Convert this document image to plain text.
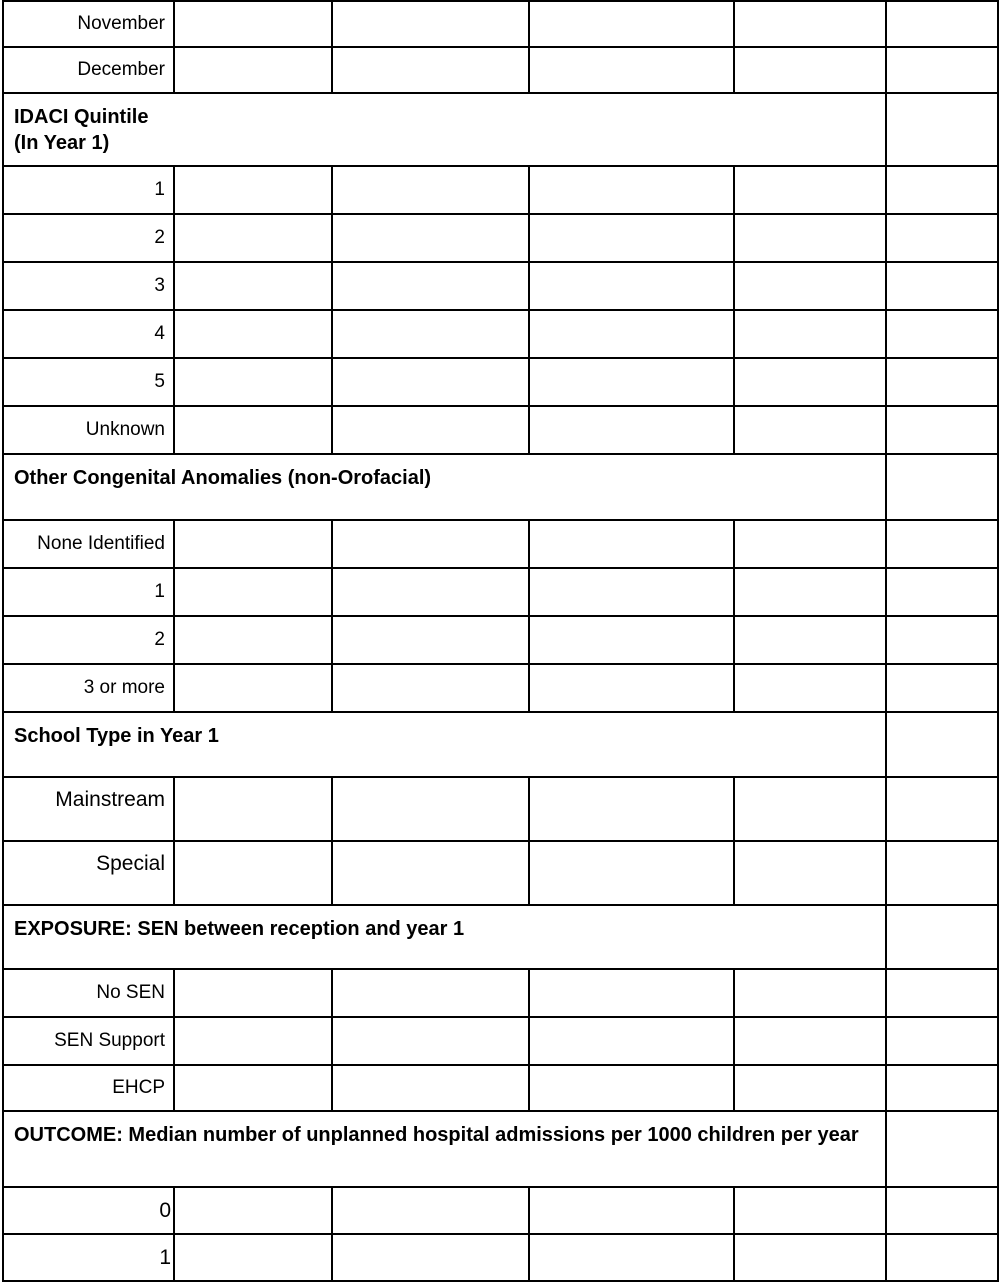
November					
December					

IDACI Quintile
(In Year 1)					

1					
2					
3					
4					
5					
Unknown					

Other Congenital Anomalies (non-Orofacial)					

None Identified					
1					
2					
3 or more					

School Type in Year 1					

Mainstream					

Special					

EXPOSURE: SEN between reception and year 1					

No SEN					
SEN Support					
EHCP					

OUTCOME: Median number of unplanned hospital admissions per 1000 children per year					

0					
1					
